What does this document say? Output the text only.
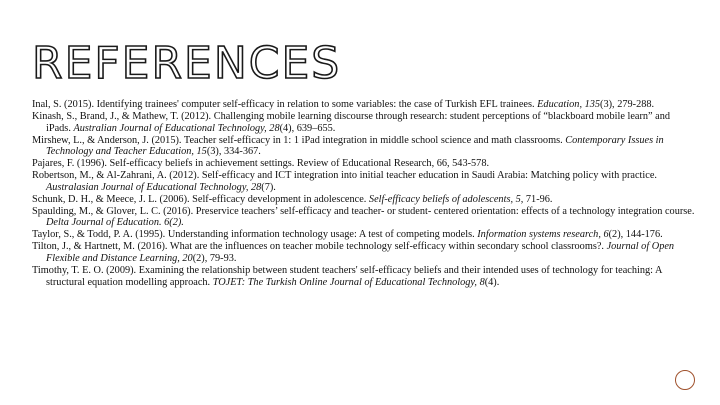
REFERENCES
Inal, S. (2015). Identifying trainees' computer self-efficacy in relation to some variables: the case of Turkish EFL trainees. Education, 135(3), 279-288.
Kinash, S., Brand, J., & Mathew, T. (2012). Challenging mobile learning discourse through research: student perceptions of “blackboard mobile learn” and iPads. Australian Journal of Educational Technology, 28(4), 639–655.
Mirshew, L., & Anderson, J. (2015). Teacher self-efficacy in 1: 1 iPad integration in middle school science and math classrooms. Contemporary Issues in Technology and Teacher Education, 15(3), 334-367.
Pajares, F. (1996). Self-efficacy beliefs in achievement settings. Review of Educational Research, 66, 543-578.
Robertson, M., & Al-Zahrani, A. (2012). Self-efficacy and ICT integration into initial teacher education in Saudi Arabia: Matching policy with practice. Australasian Journal of Educational Technology, 28(7).
Schunk, D. H., & Meece, J. L. (2006). Self-efficacy development in adolescence. Self-efficacy beliefs of adolescents, 5, 71-96.
Spaulding, M., & Glover, L. C. (2016). Preservice teachers’ self-efficacy and teacher- or student- centered orientation: effects of a technology integration course. Delta Journal of Education. 6(2).
Taylor, S., & Todd, P. A. (1995). Understanding information technology usage: A test of competing models. Information systems research, 6(2), 144-176.
Tilton, J., & Hartnett, M. (2016). What are the influences on teacher mobile technology self-efficacy within secondary school classrooms?. Journal of Open Flexible and Distance Learning, 20(2), 79-93.
Timothy, T. E. O. (2009). Examining the relationship between student teachers' self-efficacy beliefs and their intended uses of technology for teaching: A structural equation modelling approach. TOJET: The Turkish Online Journal of Educational Technology, 8(4).
